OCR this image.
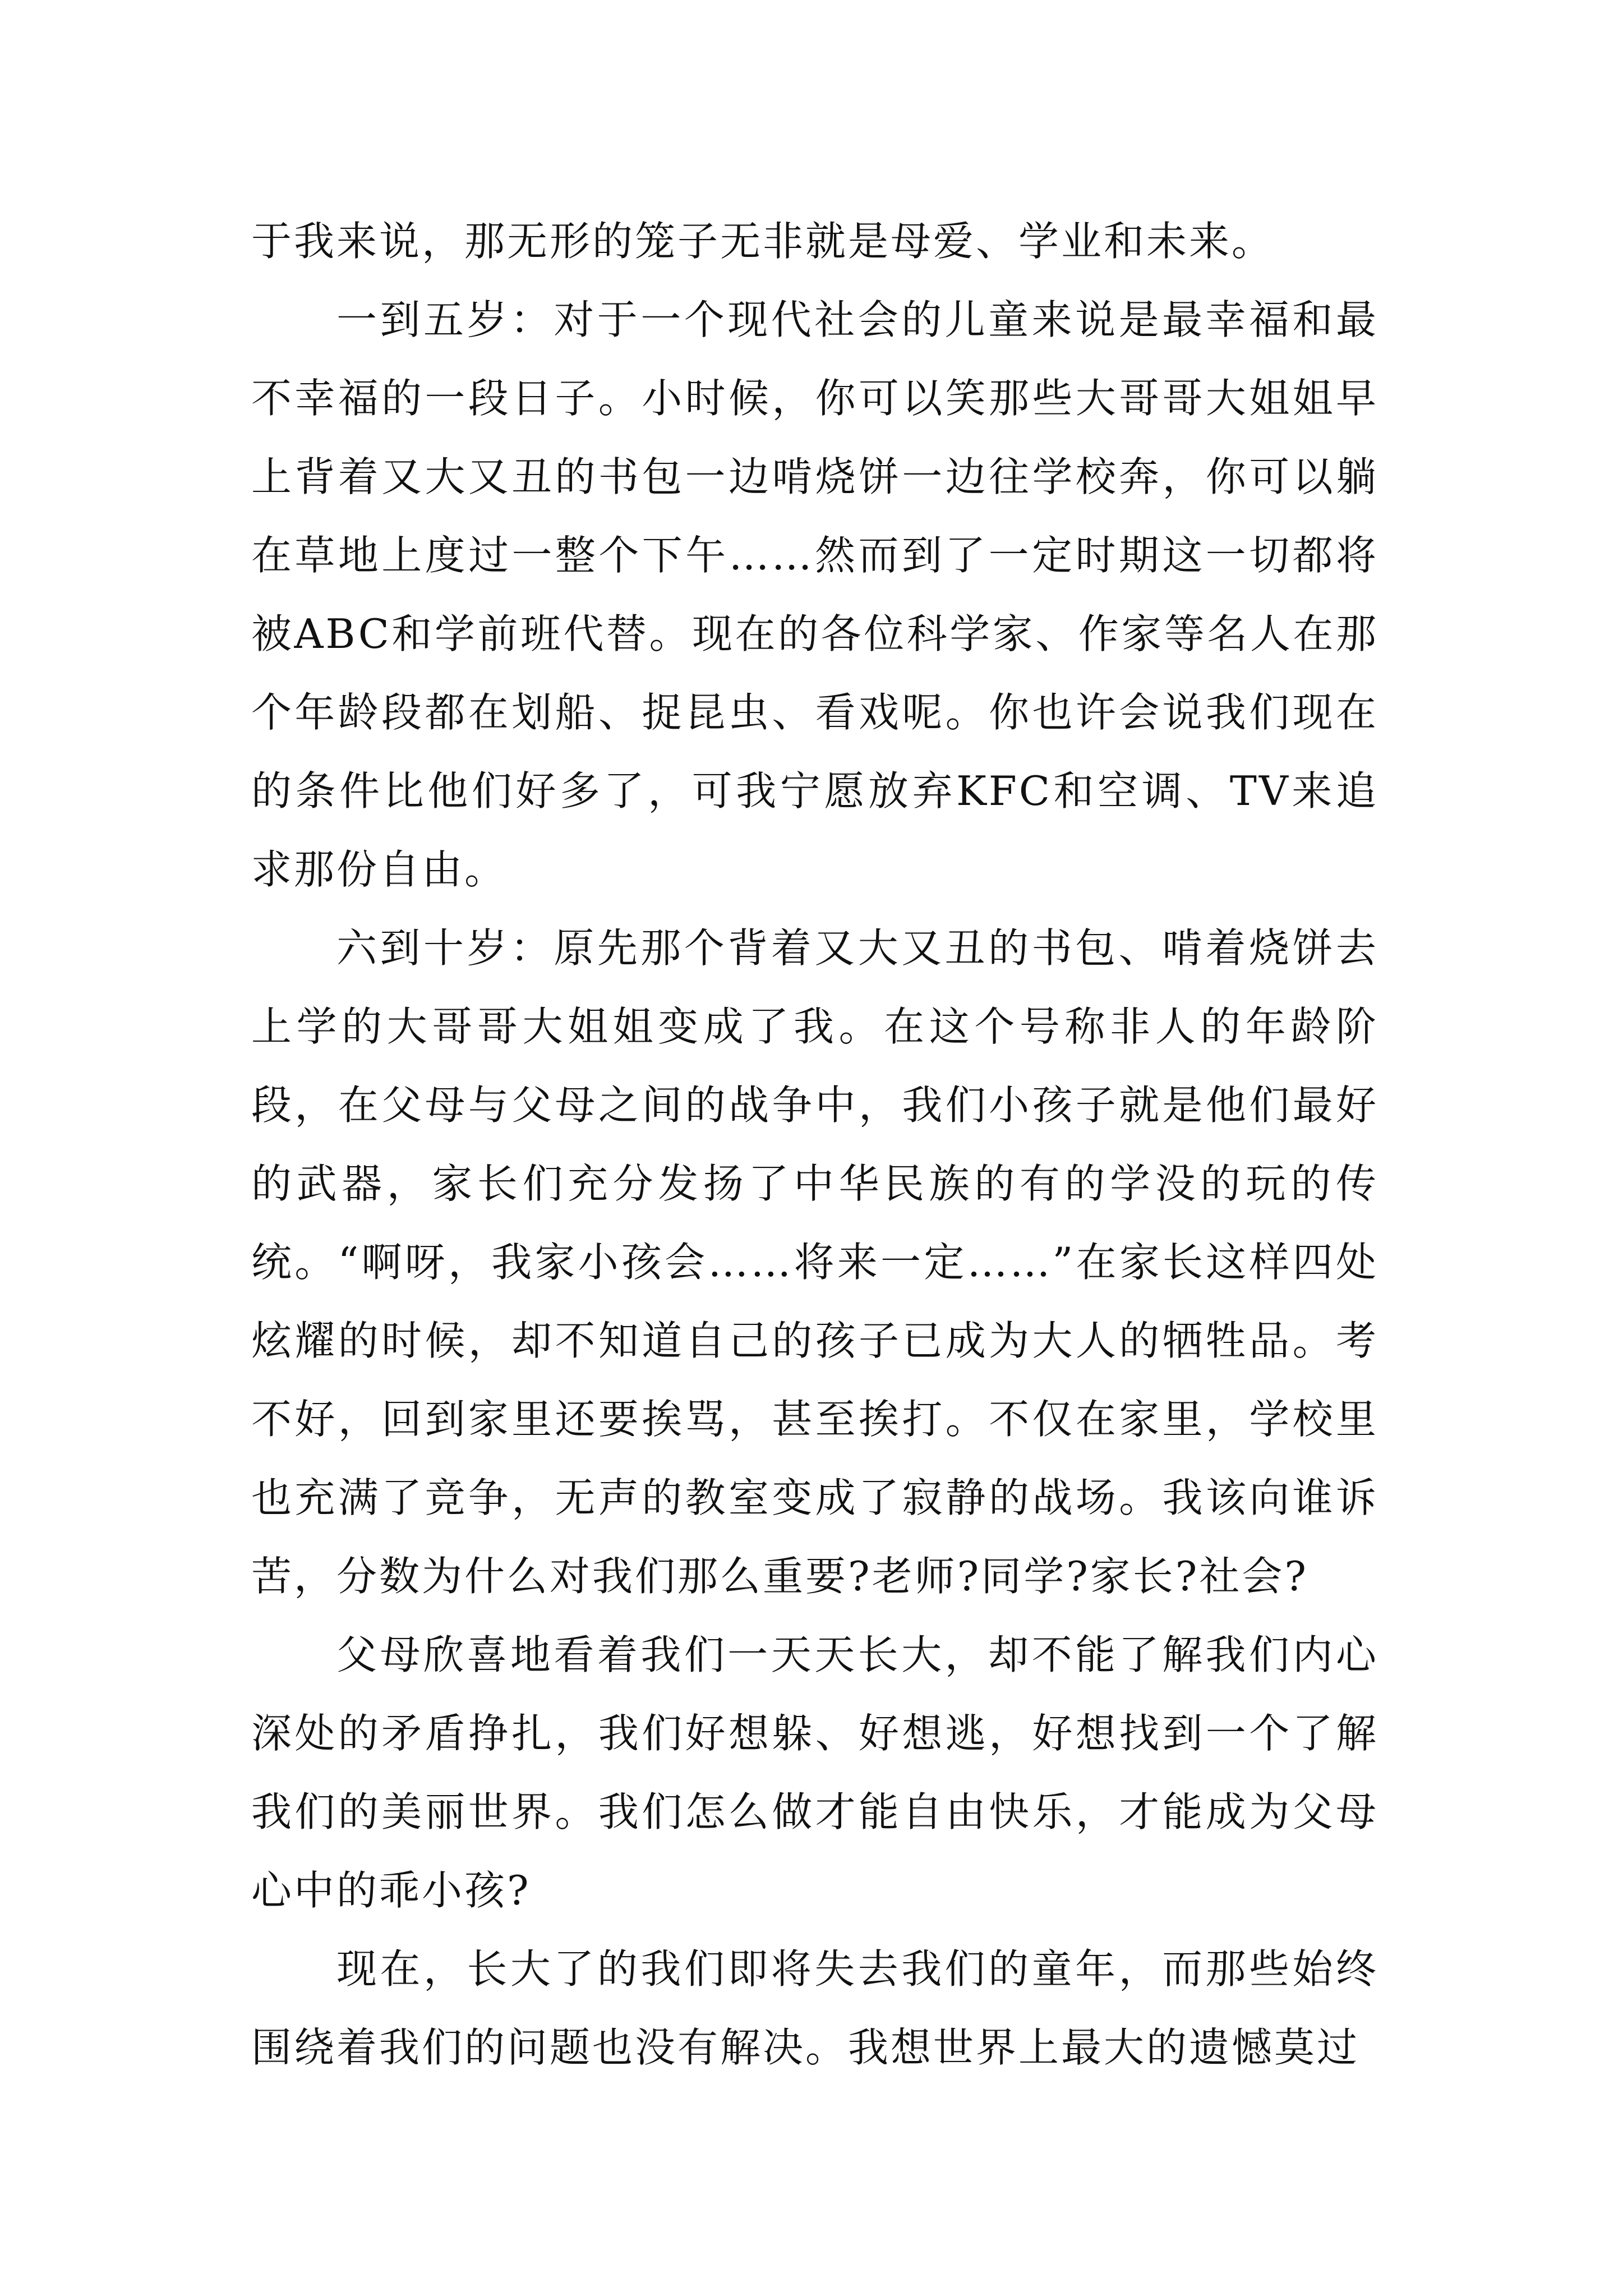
于我来说，那无形的笼子无非就是母爱、学业和未来。

一到五岁：对于一个现代社会的儿童来说是最幸福和最不幸福的一段日子。小时候，你可以笑那些大哥哥大姐姐早上背着又大又丑的书包一边啃烧饼一边往学校奔，你可以躺在草地上度过一整个下午……然而到了一定时期这一切都将被ABC和学前班代替。现在的各位科学家、作家等名人在那个年龄段都在划船、捉昆虫、看戏呢。你也许会说我们现在的条件比他们好多了，可我宁愿放弃KFC和空调、TV来追求那份自由。

六到十岁：原先那个背着又大又丑的书包、啃着烧饼去上学的大哥哥大姐姐变成了我。在这个号称非人的年龄阶段，在父母与父母之间的战争中，我们小孩子就是他们最好的武器，家长们充分发扬了中华民族的有的学没的玩的传统。“啊呀，我家小孩会……将来一定……”在家长这样四处炫耀的时候，却不知道自己的孩子已成为大人的牺牲品。考不好，回到家里还要挨骂，甚至挨打。不仅在家里，学校里也充满了竞争，无声的教室变成了寂静的战场。我该向谁诉苦，分数为什么对我们那么重要?老师?同学?家长?社会?

父母欣喜地看着我们一天天长大，却不能了解我们内心深处的矛盾挣扎，我们好想躲、好想逃，好想找到一个了解我们的美丽世界。我们怎么做才能自由快乐，才能成为父母心中的乖小孩?

现在，长大了的我们即将失去我们的童年，而那些始终围绕着我们的问题也没有解决。我想世界上最大的遗憾莫过
